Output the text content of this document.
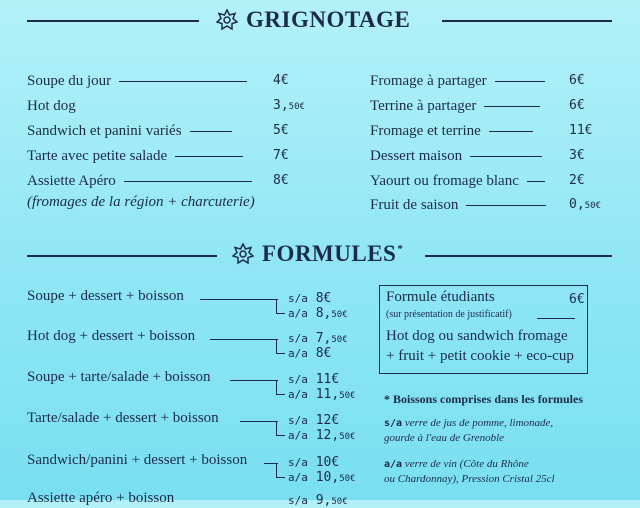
GRIGNOTAGE
Soupe du jour	4€
Hot dog	3,50€
Sandwich et panini variés	5€
Tarte avec petite salade	7€
Assiette Apéro	8€
(fromages de la région + charcuterie)
Fromage à partager	6€
Terrine à partager	6€
Fromage et terrine	11€
Dessert maison	3€
Yaourt ou fromage blanc	2€
Fruit de saison	0,50€
FORMULES*
Soupe + dessert + boisson	s/a 8€
a/a 8,50€
Hot dog + dessert + boisson	s/a 7,50€
a/a 8€
Soupe + tarte/salade + boisson	s/a 11€
a/a 11,50€
Tarte/salade + dessert + boisson	s/a 12€
a/a 12,50€
Sandwich/panini + dessert + boisson	s/a 10€
a/a 10,50€
Assiette apéro + boisson	s/a 9,50€
Formule étudiants	6€
(sur présentation de justificatif)
Hot dog ou sandwich fromage
+ fruit + petit cookie + eco-cup
* Boissons comprises dans les formules
s/a verre de jus de pomme, limonade,
gourde à l'eau de Grenoble
a/a verre de vin (Côte du Rhône
ou Chardonnay), Pression Cristal 25cl
